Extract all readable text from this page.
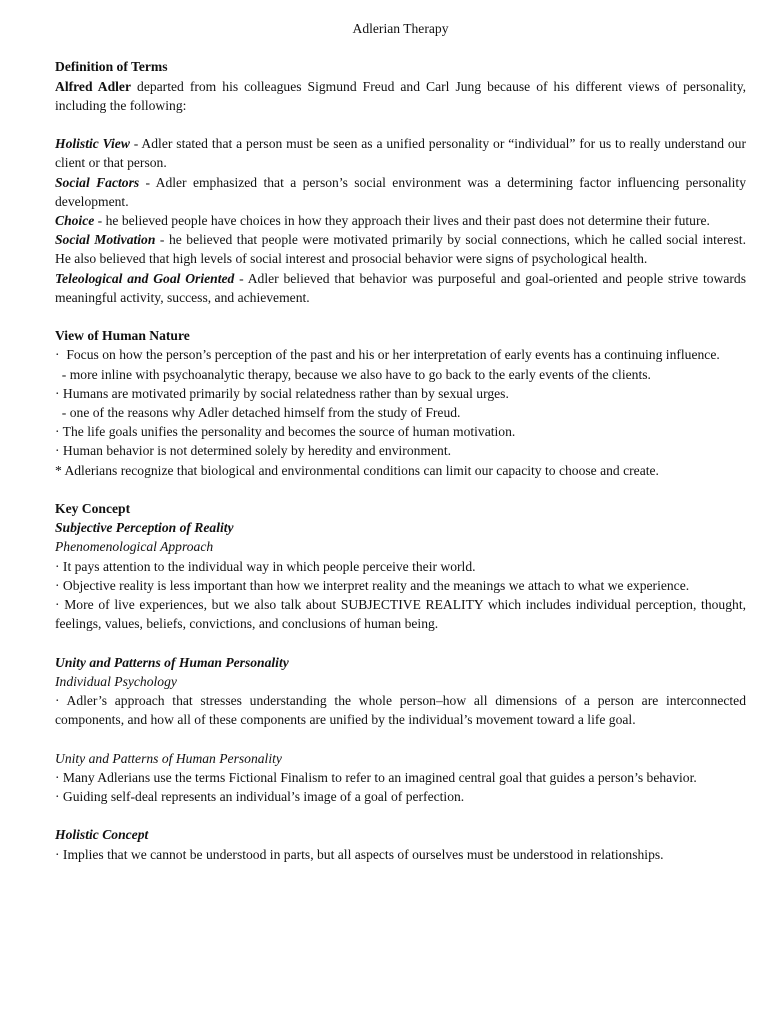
Adlerian Therapy

Definition of Terms

Alfred Adler departed from his colleagues Sigmund Freud and Carl Jung because of his different views of personality, including the following:

Holistic View - Adler stated that a person must be seen as a unified personality or “individual” for us to really understand our client or that person.

Social Factors - Adler emphasized that a person’s social environment was a determining factor influencing personality development.

Choice - he believed people have choices in how they approach their lives and their past does not determine their future.

Social Motivation - he believed that people were motivated primarily by social connections, which he called social interest. He also believed that high levels of social interest and prosocial behavior were signs of psychological health.

Teleological and Goal Oriented - Adler believed that behavior was purposeful and goal-oriented and people strive towards meaningful activity, success, and achievement.

View of Human Nature

·  Focus on how the person’s perception of the past and his or her interpretation of early events has a continuing influence.

- more inline with psychoanalytic therapy, because we also have to go back to the early events of the clients.

· Humans are motivated primarily by social relatedness rather than by sexual urges.

- one of the reasons why Adler detached himself from the study of Freud.

· The life goals unifies the personality and becomes the source of human motivation.

· Human behavior is not determined solely by heredity and environment.

* Adlerians recognize that biological and environmental conditions can limit our capacity to choose and create.

Key Concept

Subjective Perception of Reality

Phenomenological Approach

· It pays attention to the individual way in which people perceive their world.

· Objective reality is less important than how we interpret reality and the meanings we attach to what we experience.

· More of live experiences, but we also talk about SUBJECTIVE REALITY which includes individual perception, thought, feelings, values, beliefs, convictions, and conclusions of human being.

Unity and Patterns of Human Personality

Individual Psychology

· Adler’s approach that stresses understanding the whole person–how all dimensions of a person are interconnected components, and how all of these components are unified by the individual’s movement toward a life goal.

Unity and Patterns of Human Personality

· Many Adlerians use the terms Fictional Finalism to refer to an imagined central goal that guides a person’s behavior.

· Guiding self-deal represents an individual’s image of a goal of perfection.

Holistic Concept

· Implies that we cannot be understood in parts, but all aspects of ourselves must be understood in relationships.
